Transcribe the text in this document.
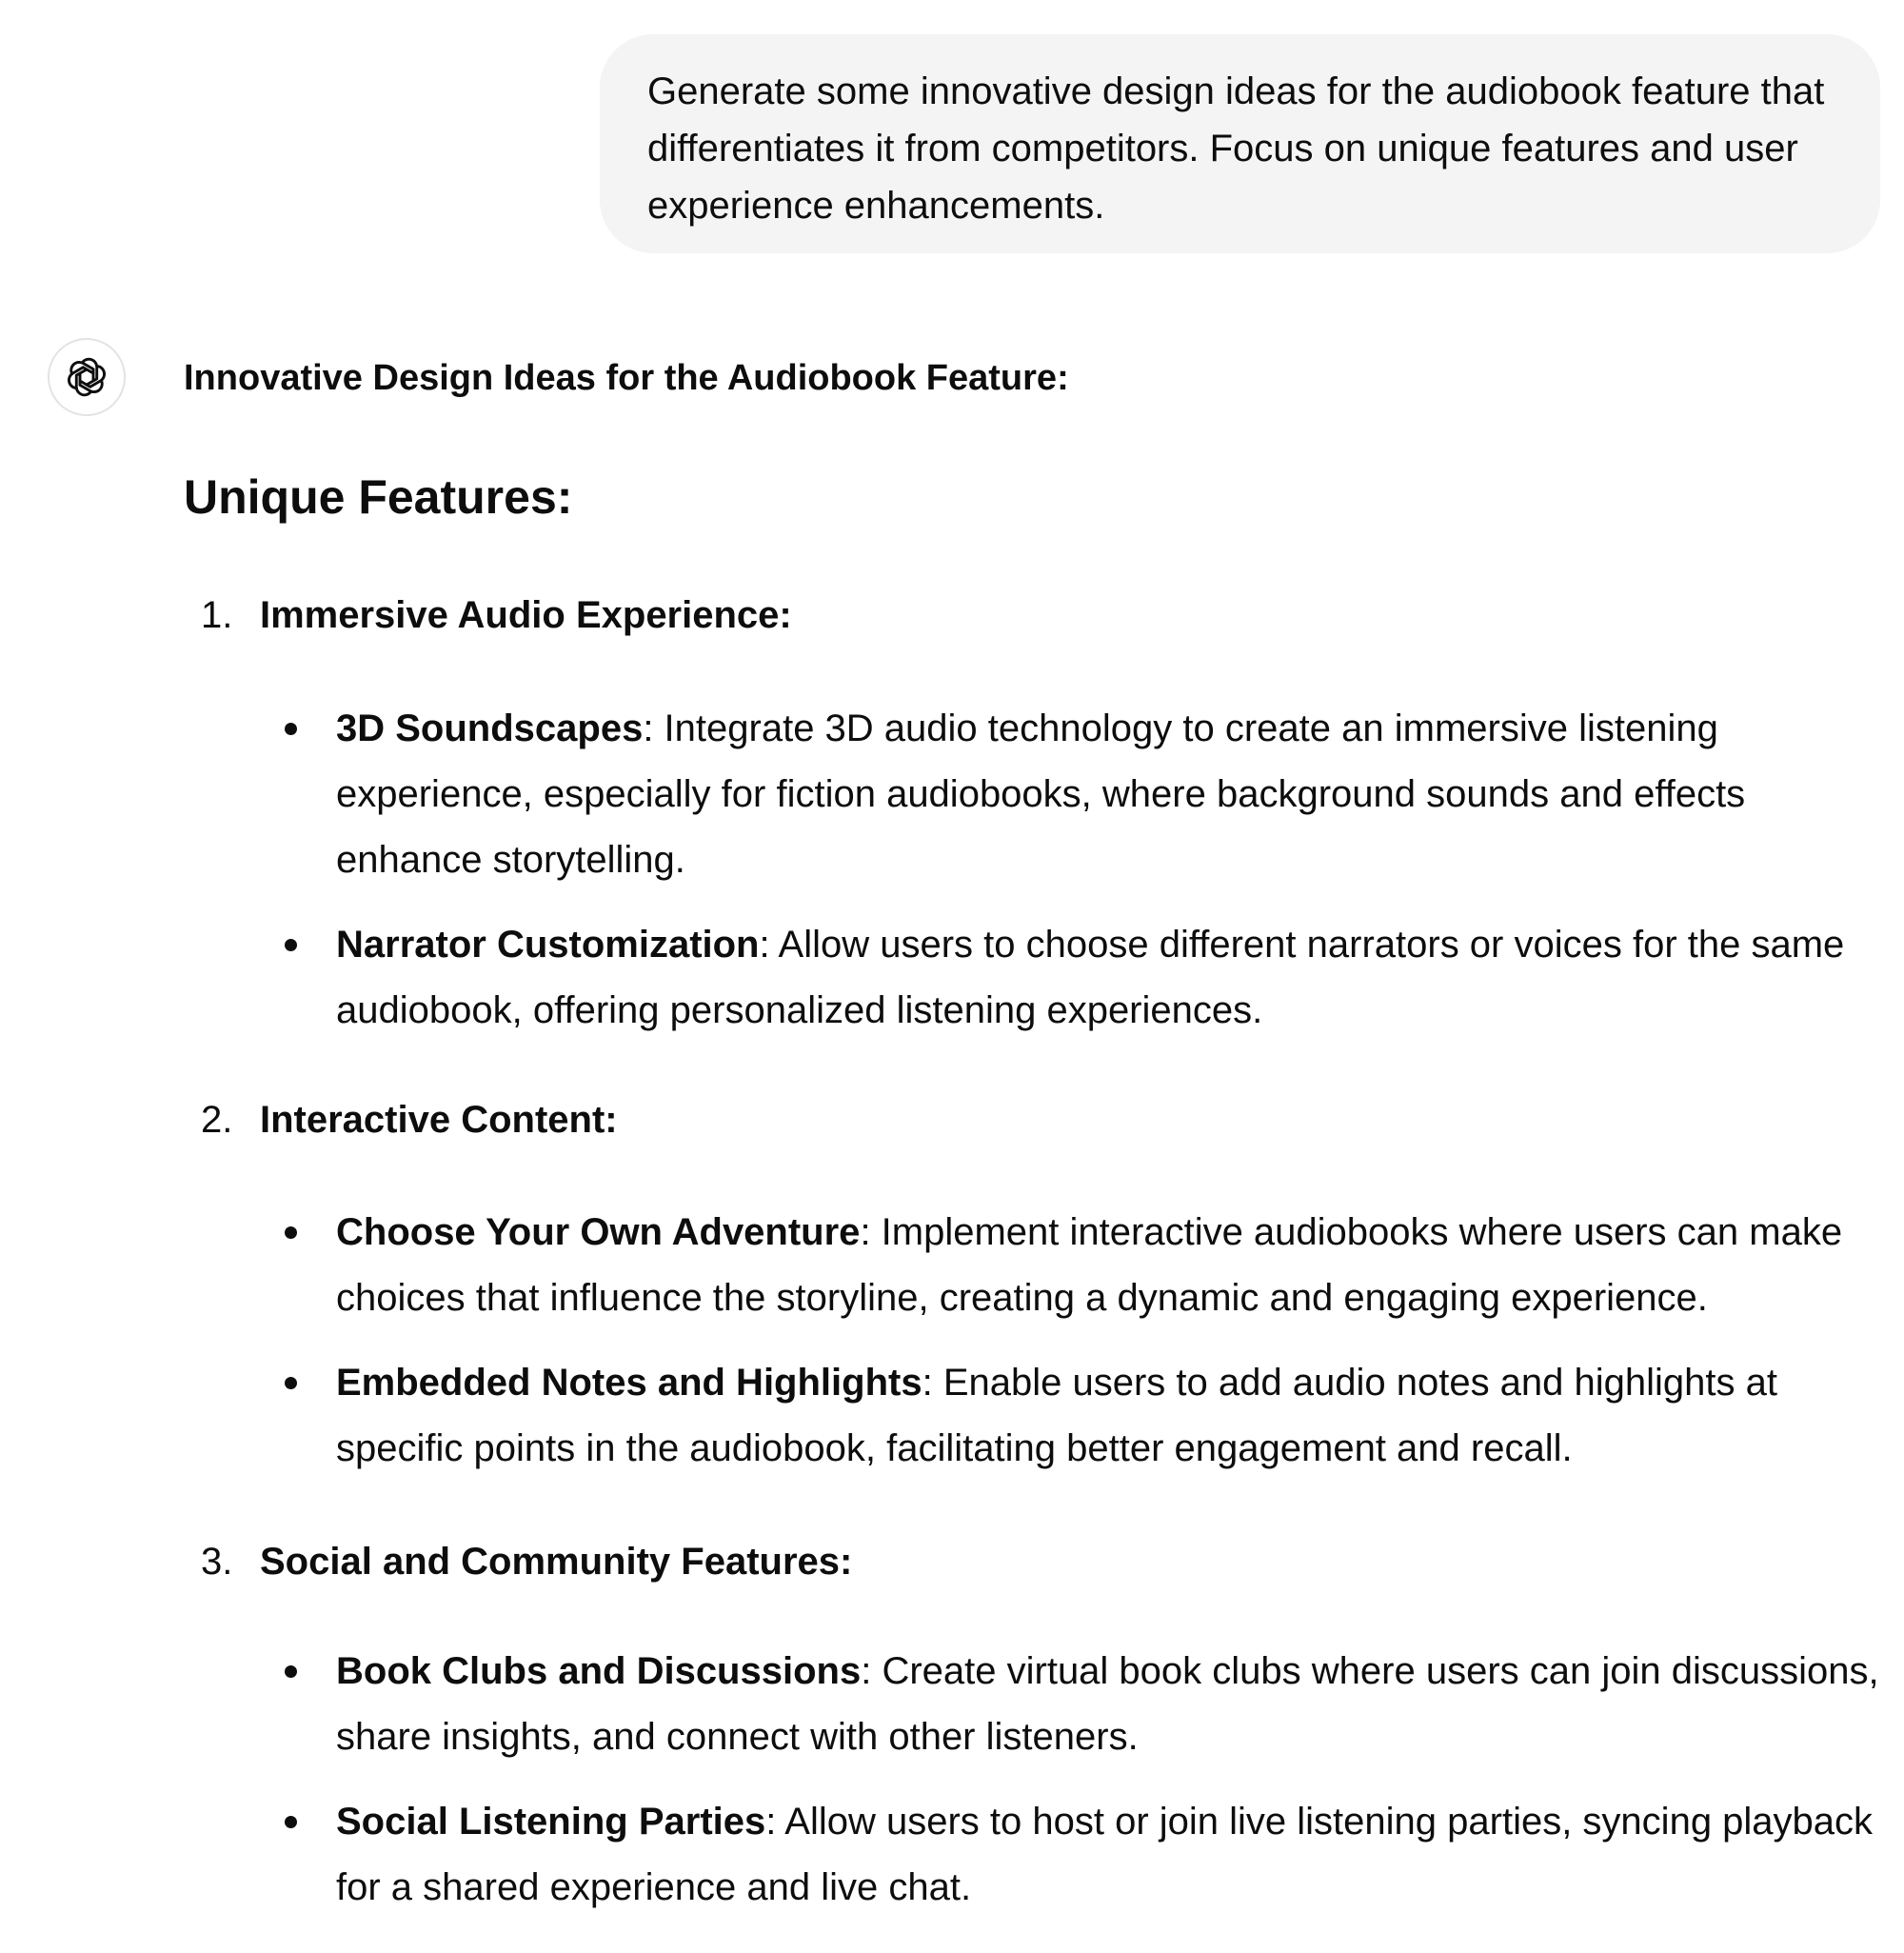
Generate some innovative design ideas for the audiobook feature that differentiates it from competitors. Focus on unique features and user experience enhancements.
Innovative Design Ideas for the Audiobook Feature:
Unique Features:
1. Immersive Audio Experience:
3D Soundscapes: Integrate 3D audio technology to create an immersive listening experience, especially for fiction audiobooks, where background sounds and effects enhance storytelling.
Narrator Customization: Allow users to choose different narrators or voices for the same audiobook, offering personalized listening experiences.
2. Interactive Content:
Choose Your Own Adventure: Implement interactive audiobooks where users can make choices that influence the storyline, creating a dynamic and engaging experience.
Embedded Notes and Highlights: Enable users to add audio notes and highlights at specific points in the audiobook, facilitating better engagement and recall.
3. Social and Community Features:
Book Clubs and Discussions: Create virtual book clubs where users can join discussions, share insights, and connect with other listeners.
Social Listening Parties: Allow users to host or join live listening parties, syncing playback for a shared experience and live chat.
